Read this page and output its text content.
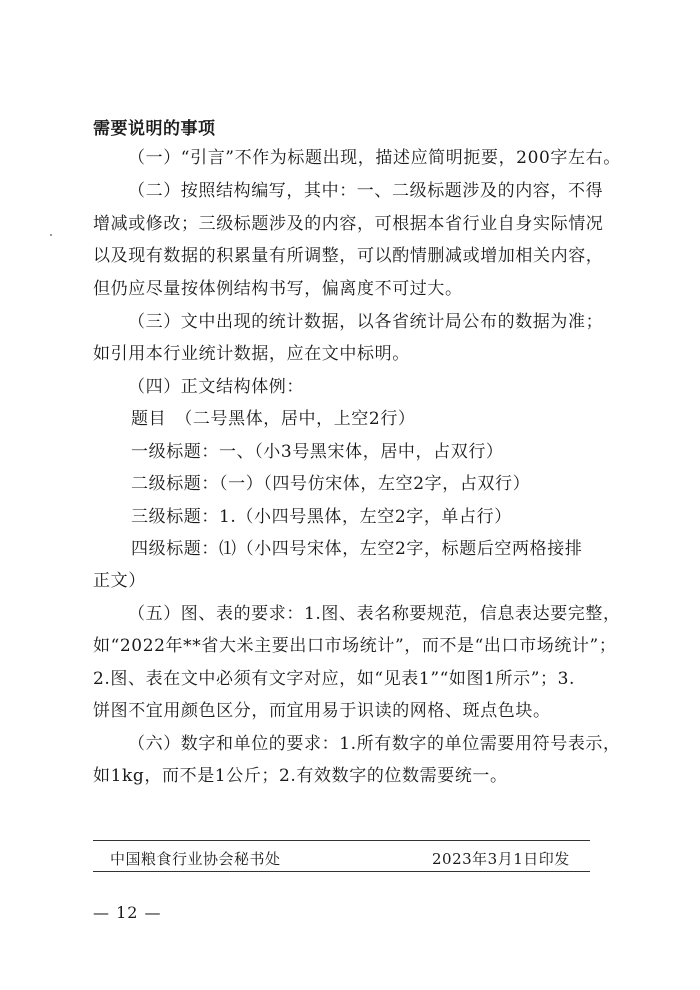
需要说明的事项
（一）“引言”不作为标题出现，描述应简明扼要，200字左右。
（二）按照结构编写，其中：一、二级标题涉及的内容，不得
增减或修改；三级标题涉及的内容，可根据本省行业自身实际情况
以及现有数据的积累量有所调整，可以酌情删减或增加相关内容，
但仍应尽量按体例结构书写，偏离度不可过大。
（三）文中出现的统计数据，以各省统计局公布的数据为准；
如引用本行业统计数据，应在文中标明。
（四）正文结构体例：
题目　（二号黑体，居中，上空2行）
一级标题：一、（小3号黑宋体，居中，占双行）
二级标题：（一）（四号仿宋体，左空2字，占双行）
三级标题：1.（小四号黑体，左空2字，单占行）
四级标题：⑴（小四号宋体，左空2字，标题后空两格接排
正文）
（五）图、表的要求：1.图、表名称要规范，信息表达要完整，
如“2022年**省大米主要出口市场统计”，而不是“出口市场统计”；
2.图、表在文中必须有文字对应，如“见表1”“如图1所示”；3.
饼图不宜用颜色区分，而宜用易于识读的网格、斑点色块。
（六）数字和单位的要求：1.所有数字的单位需要用符号表示，
如1kg，而不是1公斤；2.有效数字的位数需要统一。
中国粮食行业协会秘书处	2023年3月1日印发
— 12 —
